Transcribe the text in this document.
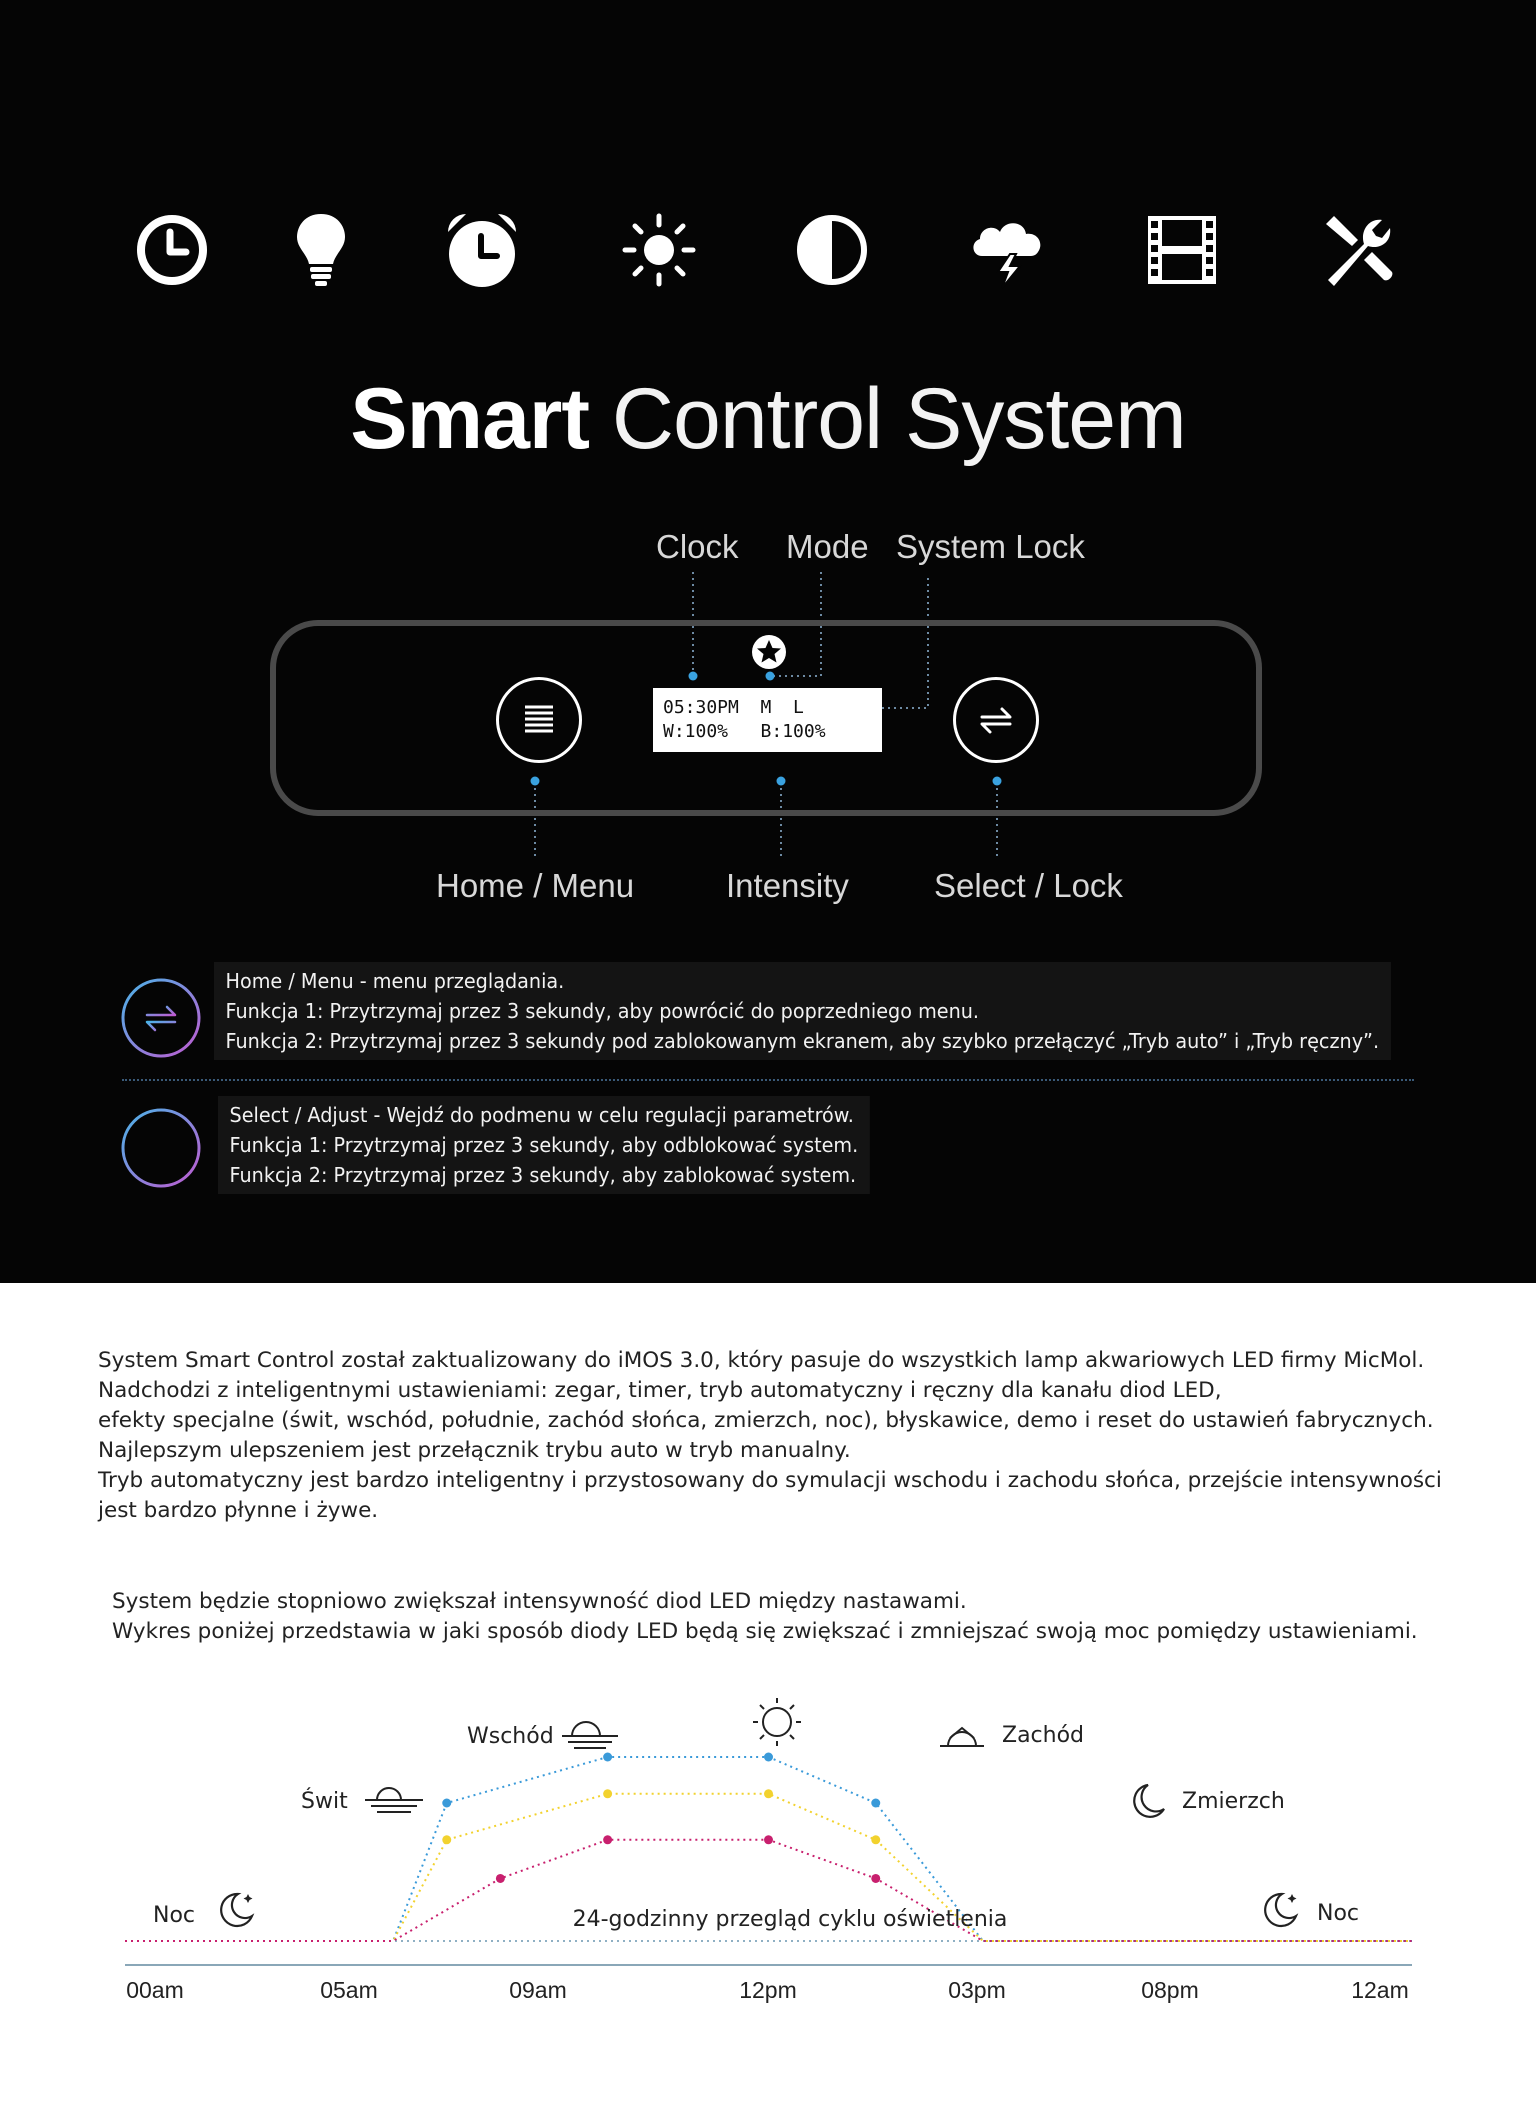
Smart Control System
Clock Mode System Lock
Home / Menu	Intensity	Select / Lock
05:30PM  M  L
W:100%   B:100%
Home / Menu - menu przeglądania.
Funkcja 1: Przytrzymaj przez 3 sekundy, aby powrócić do poprzedniego menu.
Funkcja 2: Przytrzymaj przez 3 sekundy pod zablokowanym ekranem, aby szybko przełączyć „Tryb auto” i „Tryb ręczny”.
Select / Adjust - Wejdź do podmenu w celu regulacji parametrów.
Funkcja 1: Przytrzymaj przez 3 sekundy, aby odblokować system.
Funkcja 2: Przytrzymaj przez 3 sekundy, aby zablokować system.
System Smart Control został zaktualizowany do iMOS 3.0, który pasuje do wszystkich lamp akwariowych LED firmy MicMol.
Nadchodzi z inteligentnymi ustawieniami: zegar, timer, tryb automatyczny i ręczny dla kanału diod LED,
efekty specjalne (świt, wschód, południe, zachód słońca, zmierzch, noc), błyskawice, demo i reset do ustawień fabrycznych.
Najlepszym ulepszeniem jest przełącznik trybu auto w tryb manualny.
Tryb automatyczny jest bardzo inteligentny i przystosowany do symulacji wschodu i zachodu słońca, przejście intensywności
jest bardzo płynne i żywe.
System będzie stopniowo zwiększał intensywność diod LED między nastawami.
Wykres poniżej przedstawia w jaki sposób diody LED będą się zwiększać i zmniejszać swoją moc pomiędzy ustawieniami.
00am	05am	09am	12pm	03pm	08pm	12am
24-godzinny przegląd cyklu oświetlenia
Noc
Świt
Wschód	Zachód
Zmierzch
Noc
